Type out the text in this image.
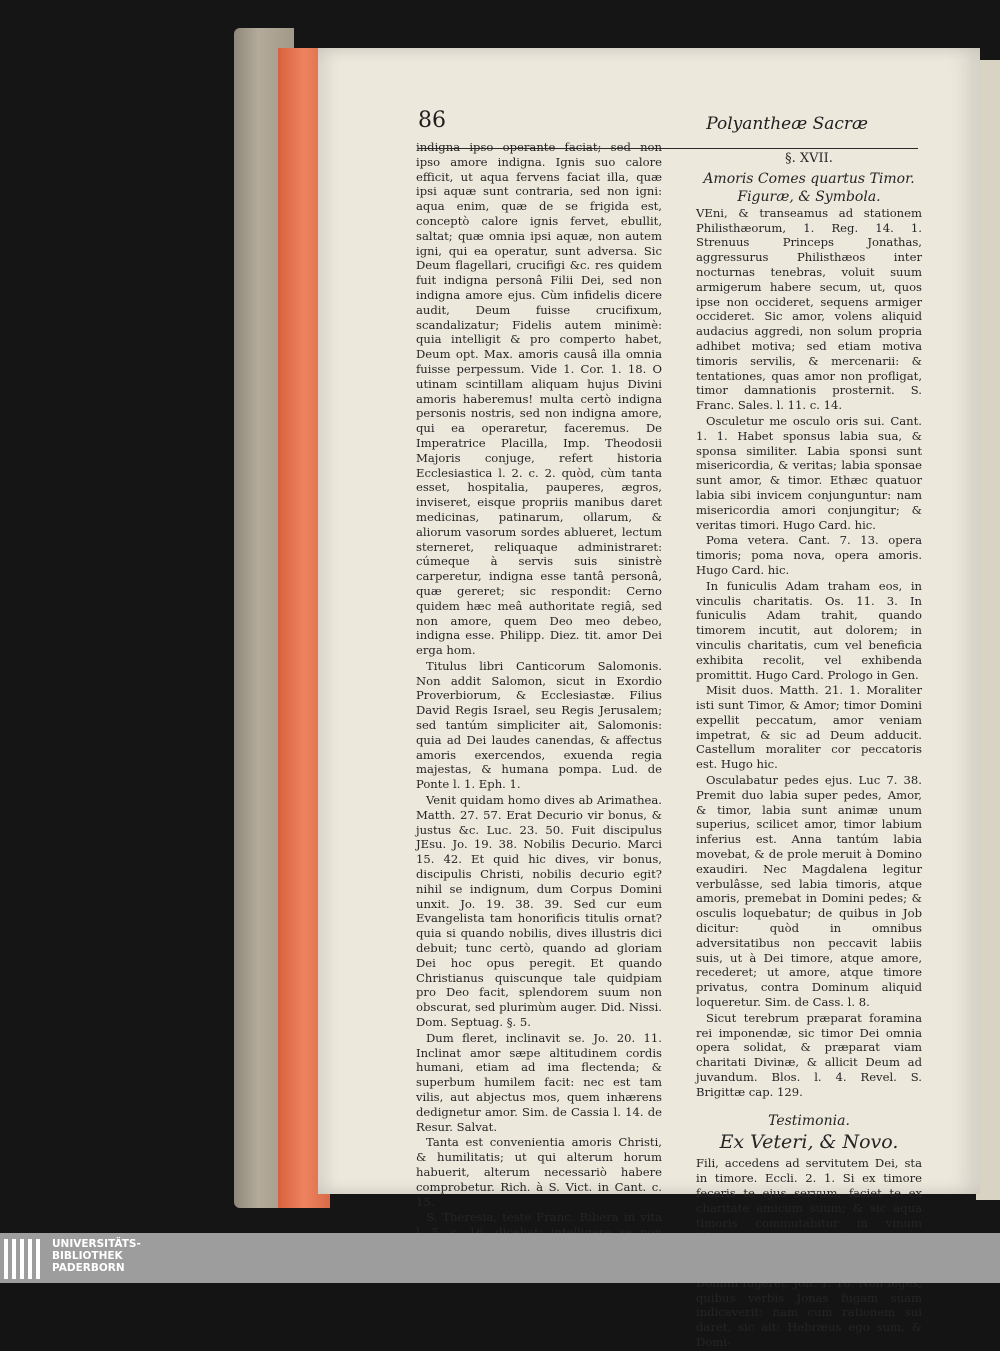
86	Polyantheæ Sacræ

indigna ipso operante faciat; sed non ipso amore indigna. Ignis suo calore efficit, ut aqua fervens faciat illa, quæ ipsi aquæ sunt contraria, sed non igni: aqua enim, quæ de se frigida est, conceptò calore ignis fervet, ebullit, saltat; quæ omnia ipsi aquæ, non autem igni, qui ea operatur, sunt adversa. Sic Deum flagellari, crucifigi &c. res quidem fuit indigna personâ Filii Dei, sed non indigna amore ejus. Cùm infidelis dicere audit, Deum fuisse crucifixum, scandalizatur; Fidelis autem minimè: quia intelligit & pro comperto habet, Deum opt. Max. amoris causâ illa omnia fuisse perpessum. Vide 1. Cor. 1. 18. O utinam scintillam aliquam hujus Divini amoris haberemus! multa certò indigna personis nostris, sed non indigna amore, qui ea operaretur, faceremus. De Imperatrice Placilla, Imp. Theodosii Majoris conjuge, refert historia Ecclesiastica l. 2. c. 2. quòd, cùm tanta esset, hospitalia, pauperes, ægros, inviseret, eisque propriis manibus daret medicinas, patinarum, ollarum, & aliorum vasorum sordes ablueret, lectum sterneret, reliquaque administraret: cúmeque à servis suis sinistrè carperetur, indigna esse tantâ personâ, quæ gereret; sic respondit: Cerno quidem hæc meâ authoritate regiâ, sed non amore, quem Deo meo debeo, indigna esse. Philipp. Diez. tit. amor Dei erga hom.

Titulus libri Canticorum Salomonis. Non addit Salomon, sicut in Exordio Proverbiorum, & Ecclesiastæ. Filius David Regis Israel, seu Regis Jerusalem; sed tantúm simpliciter ait, Salomonis: quia ad Dei laudes canendas, & affectus amoris exercendos, exuenda regia majestas, & humana pompa. Lud. de Ponte l. 1. Eph. 1.

Venit quidam homo dives ab Arimathea. Matth. 27. 57. Erat Decurio vir bonus, & justus &c. Luc. 23. 50. Fuit discipulus JEsu. Jo. 19. 38. Nobilis Decurio. Marci 15. 42. Et quid hic dives, vir bonus, discipulis Christi, nobilis decurio egit? nihil se indignum, dum Corpus Domini unxit. Jo. 19. 38. 39. Sed cur eum Evangelista tam honorificis titulis ornat? quia si quando nobilis, dives illustris dici debuit; tunc certò, quando ad gloriam Dei hoc opus peregit. Et quando Christianus quiscunque tale quidpiam pro Deo facit, splendorem suum non obscurat, sed plurimùm auger. Did. Nissi. Dom. Septuag. §. 5.

Dum fleret, inclinavit se. Jo. 20. 11. Inclinat amor sæpe altitudinem cordis humani, etiam ad ima flectenda; & superbum humilem facit: nec est tam vilis, aut abjectus mos, quem inhærens dedignetur amor. Sim. de Cassia l. 14. de Resur. Salvat.

Tanta est convenientia amoris Christi, & humilitatis; ut qui alterum horum habuerit, alterum necessariò habere comprobetur. Rich. à S. Vict. in Cant. c. 15.

S. Theresia, teste Franc. Ribera in vita

§. XVII.
Amoris Comes quartus Timor.
Figuræ, & Symbola.

VEni, & transeamus ad stationem Philisthæorum, 1. Reg. 14. 1. Strenuus Princeps Jonathas, aggressurus Philisthæos inter nocturnas tenebras, voluit suum armigerum habere secum, ut, quos ipse non occideret, sequens armiger occideret. Sic amor, volens aliquid audacius aggredi, non solum propria adhibet motiva; sed etiam motiva timoris servilis, & mercenarii: & tentationes, quas amor non profligat, timor damnationis prosternit. S. Franc. Sales. l. 11. c. 14.

Osculetur me osculo oris sui. Cant. 1. 1. Habet sponsus labia sua, & sponsa similiter. Labia sponsi sunt misericordia, & veritas; labia sponsae sunt amor, & timor. Ethæc quatuor labia sibi invicem conjunguntur: nam misericordia amori conjungitur; & veritas timori. Hugo Card. hic.

Poma vetera. Cant. 7. 13. opera timoris; poma nova, opera amoris. Hugo Card. hic.

In funiculis Adam traham eos, in vinculis charitatis. Os. 11. 3. In funiculis Adam trahit, quando timorem incutit, aut dolorem; in vinculis charitatis, cum vel beneficia exhibita recolit, vel exhibenda promittit. Hugo Card. Prologo in Gen.

Misit duos. Matth. 21. 1. Moraliter isti sunt Timor, & Amor; timor Domini expellit peccatum, amor veniam impetrat, & sic ad Deum adducit. Castellum moraliter cor peccatoris est. Hugo hic.

Osculabatur pedes ejus. Luc 7. 38. Premit duo labia super pedes, Amor, & timor, labia sunt animæ unum superius, scilicet amor, timor labium inferius est. Anna tantúm labia movebat, & de prole meruit à Domino exaudiri. Nec Magdalena legitur verbulâsse, sed labia timoris, atque amoris, premebat in Domini pedes; & osculis loquebatur; de quibus in Job dicitur: quòd in omnibus adversitatibus non peccavit labiis suis, ut à Dei timore, atque amore, recederet; ut amore, atque timore privatus, contra Dominum aliquid loqueretur. Sim. de Cass. l. 8.

Sicut terebrum præparat foramina rei imponendæ, sic timor Dei omnia opera solidat, & præparat viam charitati Divinæ, & allicit Deum ad juvandum. Blos. l. 4. Revel. S. Brigittæ cap. 129.

Testimonia.
Ex Veteri, & Novo.

Fili, accedens ad servitutem Dei, sta in timore. Eccli. 2. 1. Si ex timore feceris te ejus servum, faciet te ex charitate amicum suum; & sic aqua timoris commutabitur in vinum

quibus verbis Jonas fugam suam indicaverit: nam cum rationem sui daret, sic ait: Hebræus ego sum, & Domi-

UNIVERSITÄTS-
BIBLIOTHEK
PADERBORN
